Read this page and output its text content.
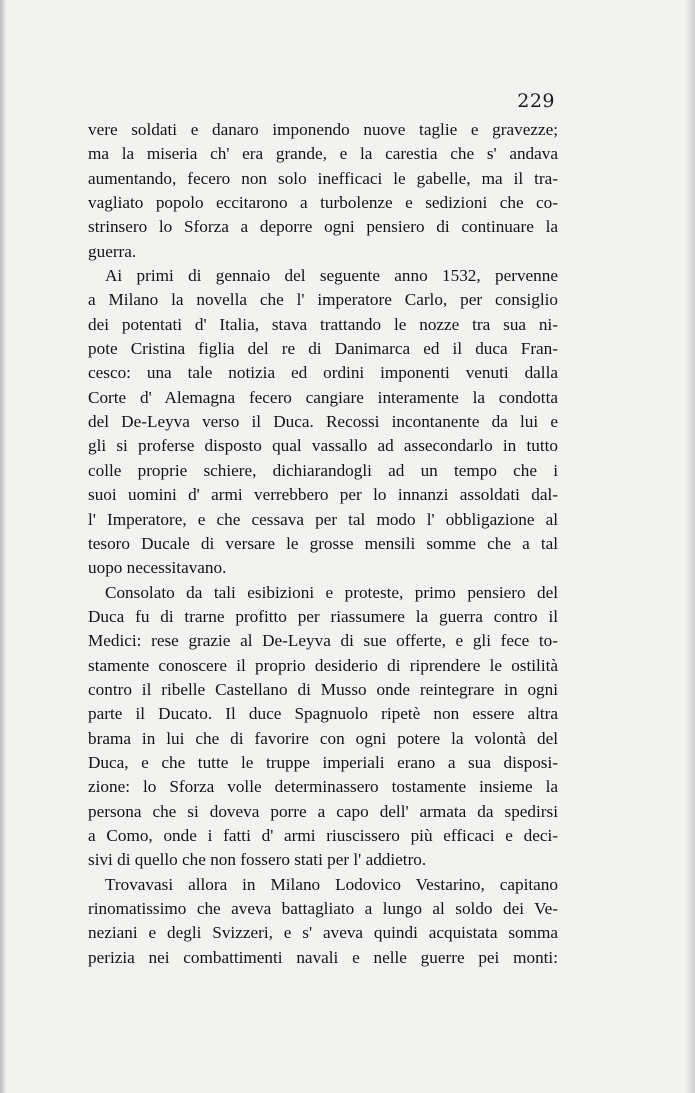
229
vere soldati e danaro imponendo nuove taglie e gravezze;
ma la miseria ch' era grande, e la carestia che s' andava
aumentando, fecero non solo inefficaci le gabelle, ma il tra-
vagliato popolo eccitarono a turbolenze e sedizioni che co-
strinsero lo Sforza a deporre ogni pensiero di continuare la
guerra.
Ai primi di gennaio del seguente anno 1532, pervenne
a Milano la novella che l' imperatore Carlo, per consiglio
dei potentati d' Italia, stava trattando le nozze tra sua ni-
pote Cristina figlia del re di Danimarca ed il duca Fran-
cesco: una tale notizia ed ordini imponenti venuti dalla
Corte d' Alemagna fecero cangiare interamente la condotta
del De-Leyva verso il Duca. Recossi incontanente da lui e
gli si proferse disposto qual vassallo ad assecondarlo in tutto
colle proprie schiere, dichiarandogli ad un tempo che i
suoi uomini d' armi verrebbero per lo innanzi assoldati dal-
l' Imperatore, e che cessava per tal modo l' obbligazione al
tesoro Ducale di versare le grosse mensili somme che a tal
uopo necessitavano.
Consolato da tali esibizioni e proteste, primo pensiero del
Duca fu di trarne profitto per riassumere la guerra contro il
Medici: rese grazie al De-Leyva di sue offerte, e gli fece to-
stamente conoscere il proprio desiderio di riprendere le ostilità
contro il ribelle Castellano di Musso onde reintegrare in ogni
parte il Ducato. Il duce Spagnuolo ripetè non essere altra
brama in lui che di favorire con ogni potere la volontà del
Duca, e che tutte le truppe imperiali erano a sua disposi-
zione: lo Sforza volle determinassero tostamente insieme la
persona che si doveva porre a capo dell' armata da spedirsi
a Como, onde i fatti d' armi riuscissero più efficaci e deci-
sivi di quello che non fossero stati per l' addietro.
Trovavasi allora in Milano Lodovico Vestarino, capitano
rinomatissimo che aveva battagliato a lungo al soldo dei Ve-
neziani e degli Svizzeri, e s' aveva quindi acquistata somma
perizia nei combattimenti navali e nelle guerre pei monti:
